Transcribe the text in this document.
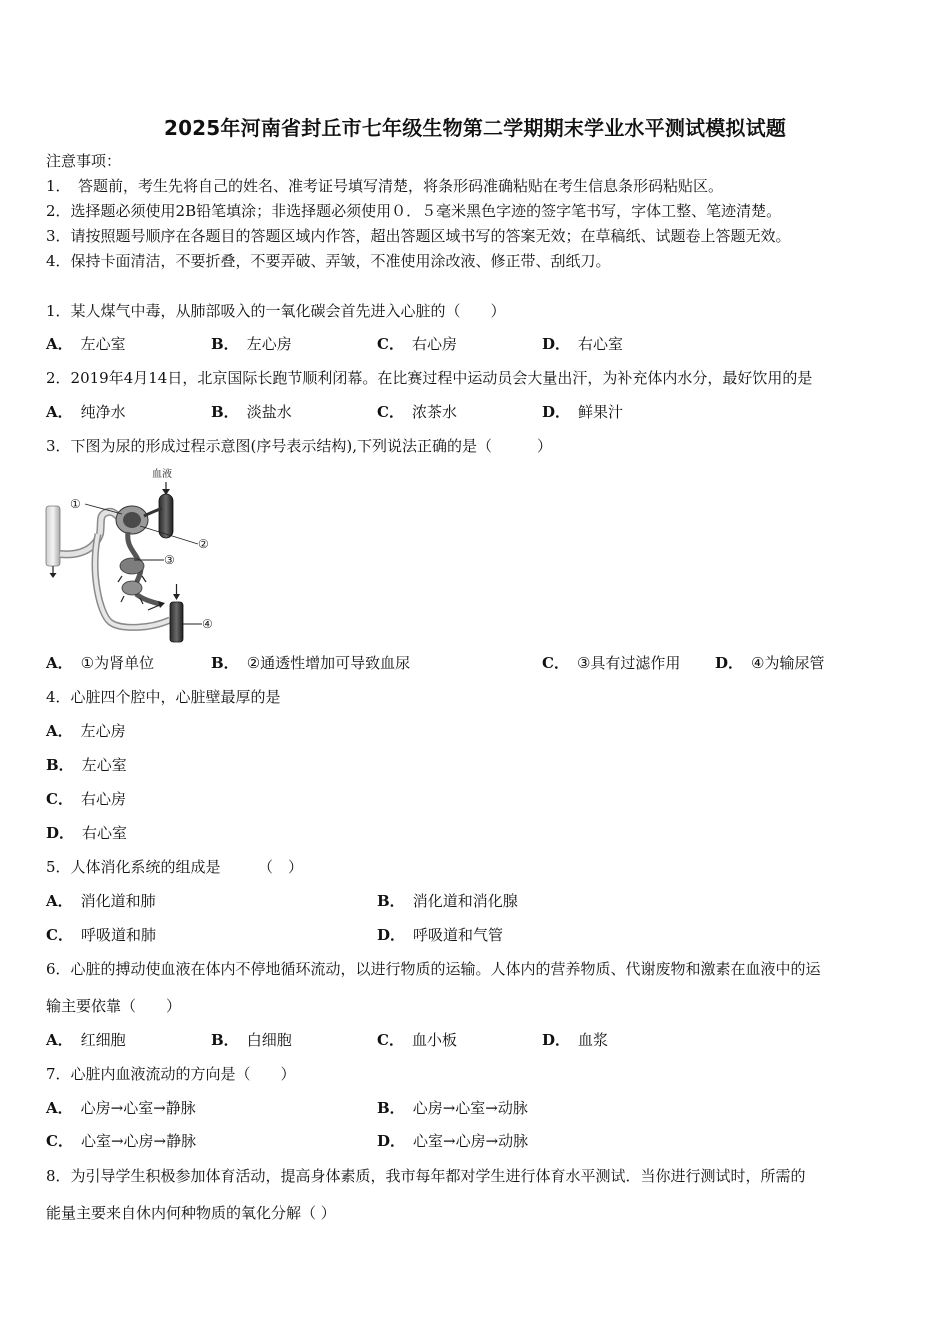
2025年河南省封丘市七年级生物第二学期期末学业水平测试模拟试题
注意事项：
1．　答题前，考生先将自己的姓名、准考证号填写清楚，将条形码准确粘贴在考生信息条形码粘贴区。
2．选择题必须使用2B铅笔填涂；非选择题必须使用０．５毫米黑色字迹的签字笔书写，字体工整、笔迹清楚。
3．请按照题号顺序在各题目的答题区域内作答，超出答题区域书写的答案无效；在草稿纸、试题卷上答题无效。
4．保持卡面清洁，不要折叠，不要弄破、弄皱，不准使用涂改液、修正带、刮纸刀。
1．某人煤气中毒，从肺部吸入的一氧化碳会首先进入心脏的（　　）
A． 左心室	B． 左心房	C． 右心房	D． 右心室
2．2019年4月14日，北京国际长跑节顺利闭幕。在比赛过程中运动员会大量出汗，为补充体内水分，最好饮用的是
A． 纯净水	B． 淡盐水	C． 浓茶水	D． 鲜果汁
3．下图为尿的形成过程示意图(序号表示结构),下列说法正确的是（　　　）
血液
①
②
③
④
A． ①为肾单位	B． ②通透性增加可导致血尿	C． ③具有过滤作用 D． ④为输尿管
4．心脏四个腔中，心脏壁最厚的是
A． 左心房
B． 左心室
C． 右心房
D． 右心室
5．人体消化系统的组成是　　　（　）
A． 消化道和肺	B． 消化道和消化腺
C． 呼吸道和肺	D． 呼吸道和气管
6．心脏的搏动使血液在体内不停地循环流动，以进行物质的运输。人体内的营养物质、代谢废物和激素在血液中的运
输主要依靠（　　）
A． 红细胞	B． 白细胞	C． 血小板	D． 血浆
7．心脏内血液流动的方向是（　　）
A． 心房→心室→静脉	B． 心房→心室→动脉
C． 心室→心房→静脉	D． 心室→心房→动脉
8．为引导学生积极参加体育活动，提高身体素质，我市每年都对学生进行体育水平测试．当你进行测试时，所需的
能量主要来自休内何种物质的氧化分解（ ）
